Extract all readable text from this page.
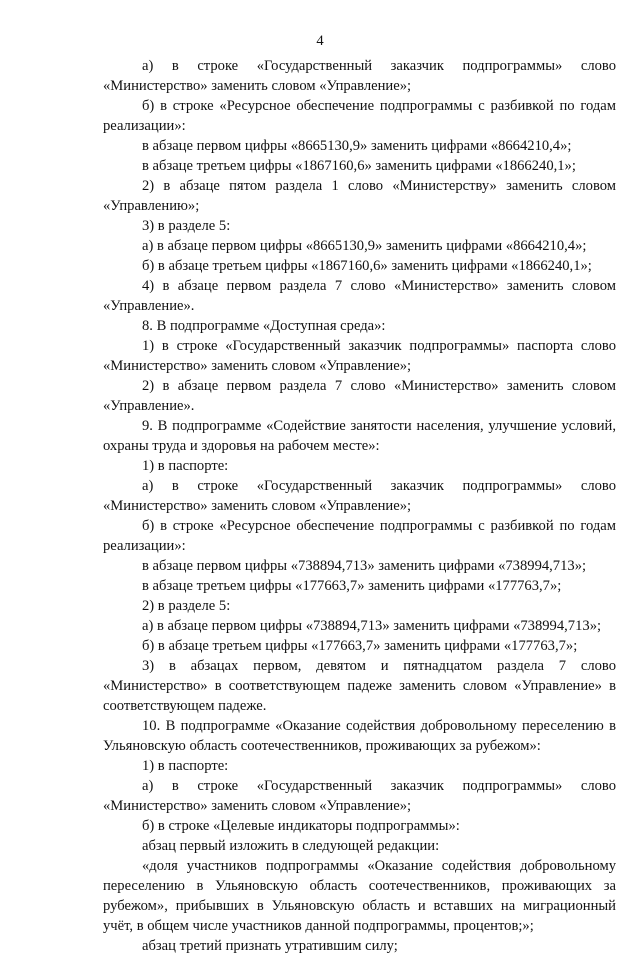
4

а) в строке «Государственный заказчик подпрограммы» слово «Министерство» заменить словом «Управление»;

б) в строке «Ресурсное обеспечение подпрограммы с разбивкой по годам реализации»:

в абзаце первом цифры «8665130,9» заменить цифрами «8664210,4»;

в абзаце третьем цифры «1867160,6» заменить цифрами «1866240,1»;

2) в абзаце пятом раздела 1 слово «Министерству» заменить словом «Управлению»;

3) в разделе 5:

а) в абзаце первом цифры «8665130,9» заменить цифрами «8664210,4»;

б) в абзаце третьем цифры «1867160,6» заменить цифрами «1866240,1»;

4) в абзаце первом раздела 7 слово «Министерство» заменить словом «Управление».

8. В подпрограмме «Доступная среда»:

1) в строке «Государственный заказчик подпрограммы» паспорта слово «Министерство» заменить словом «Управление»;

2) в абзаце первом раздела 7 слово «Министерство» заменить словом «Управление».

9. В подпрограмме «Содействие занятости населения, улучшение условий, охраны труда и здоровья на рабочем месте»:

1) в паспорте:

а) в строке «Государственный заказчик подпрограммы» слово «Министерство» заменить словом «Управление»;

б) в строке «Ресурсное обеспечение подпрограммы с разбивкой по годам реализации»:

в абзаце первом цифры «738894,713» заменить цифрами «738994,713»;

в абзаце третьем цифры «177663,7» заменить цифрами «177763,7»;

2) в разделе 5:

а) в абзаце первом цифры «738894,713» заменить цифрами «738994,713»;

б) в абзаце третьем цифры «177663,7» заменить цифрами «177763,7»;

3) в абзацах первом, девятом и пятнадцатом раздела 7 слово «Министерство» в соответствующем падеже заменить словом «Управление» в соответствующем падеже.

10. В подпрограмме «Оказание содействия добровольному переселению в Ульяновскую область соотечественников, проживающих за рубежом»:

1) в паспорте:

а) в строке «Государственный заказчик подпрограммы» слово «Министерство» заменить словом «Управление»;

б) в строке «Целевые индикаторы подпрограммы»:

абзац первый изложить в следующей редакции:

«доля участников подпрограммы «Оказание содействия добровольному переселению в Ульяновскую область соотечественников, проживающих за рубежом», прибывших в Ульяновскую область и вставших на миграционный учёт, в общем числе участников данной подпрограммы, процентов;»;

абзац третий признать утратившим силу;
